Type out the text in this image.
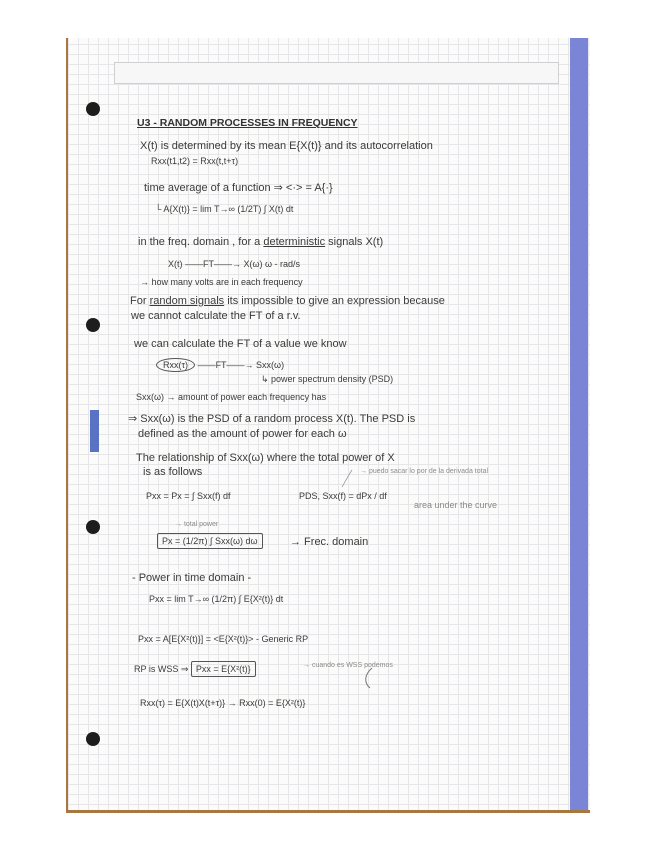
U3 - RANDOM PROCESSES IN FREQUENCY
X(t) is determined by its mean E{X(t)} and its autocorrelation
Rxx(t1,t2) = Rxx(t,t+τ)
time average of a function ⇒ <·> = A{·}
└ A{X(t)} = lim T→∞ (1/2T) ∫ X(t) dt
in the freq. domain , for a deterministic signals X(t)
X(t) ——FT——→ X(ω) ω - rad/s
→ how many volts are in each frequency
For random signals its impossible to give an expression because
we cannot calculate the FT of a r.v.
we can calculate the FT of a value we know
Rxx(τ) ——FT——→ Sxx(ω)
↳ power spectrum density (PSD)
Sxx(ω) → amount of power each frequency has
⇒ Sxx(ω) is the PSD of a random process X(t). The PSD is
defined as the amount of power for each ω
The relationship of Sxx(ω) where the total power of X
is as follows	→ puedo sacar lo por de la derivada total
Pxx = Px = ∫ Sxx(f) df	PDS, Sxx(f) = dPx / df
area under the curve
→ total power
Px = (1/2π) ∫ Sxx(ω) dω	→ Frec. domain
- Power in time domain -
Pxx = lim T→∞ (1/2π) ∫ E{X²(t)} dt
Pxx = A[E{X²(t)}] = <E{X²(t)}> - Generic RP
RP is WSS ⇒ Pxx = E{X²(t)}	→ cuando es WSS podemos
Rxx(τ) = E{X(t)X(t+τ)} → Rxx(0) = E{X²(t)}
